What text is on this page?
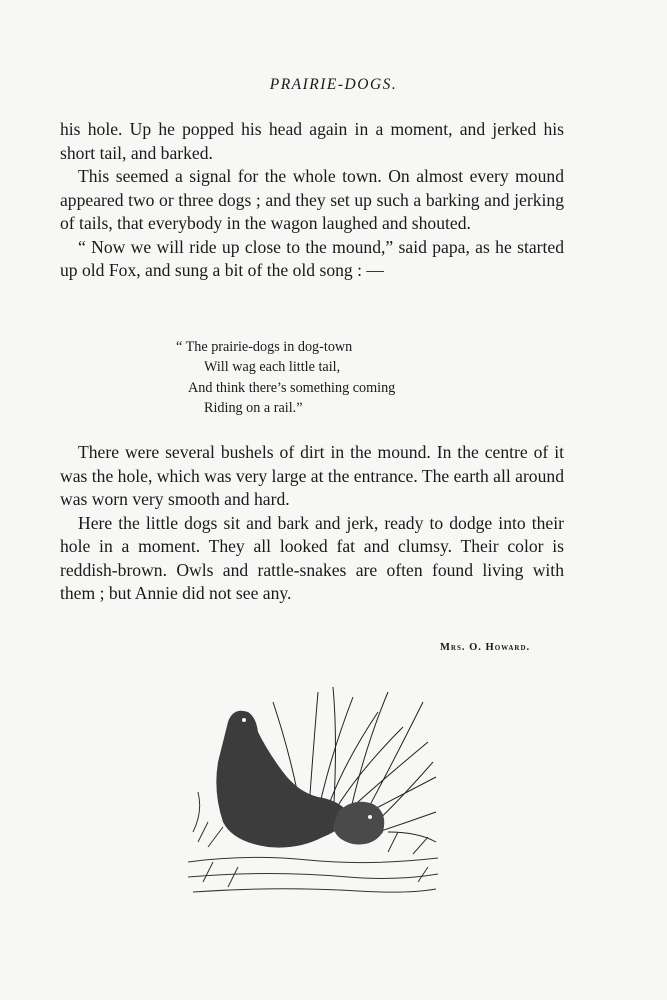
PRAIRIE-DOGS.

his hole. Up he popped his head again in a moment, and jerked his short tail, and barked.

This seemed a signal for the whole town. On almost every mound appeared two or three dogs ; and they set up such a barking and jerking of tails, that everybody in the wagon laughed and shouted.

“ Now we will ride up close to the mound,” said papa, as he started up old Fox, and sung a bit of the old song : —

“ The prairie-dogs in dog-town
Will wag each little tail,
And think there’s something coming
Riding on a rail.”

There were several bushels of dirt in the mound. In the centre of it was the hole, which was very large at the entrance. The earth all around was worn very smooth and hard.

Here the little dogs sit and bark and jerk, ready to dodge into their hole in a moment. They all looked fat and clumsy. Their color is reddish-brown. Owls and rattle-snakes are often found living with them ; but Annie did not see any.

Mrs. O. Howard.
